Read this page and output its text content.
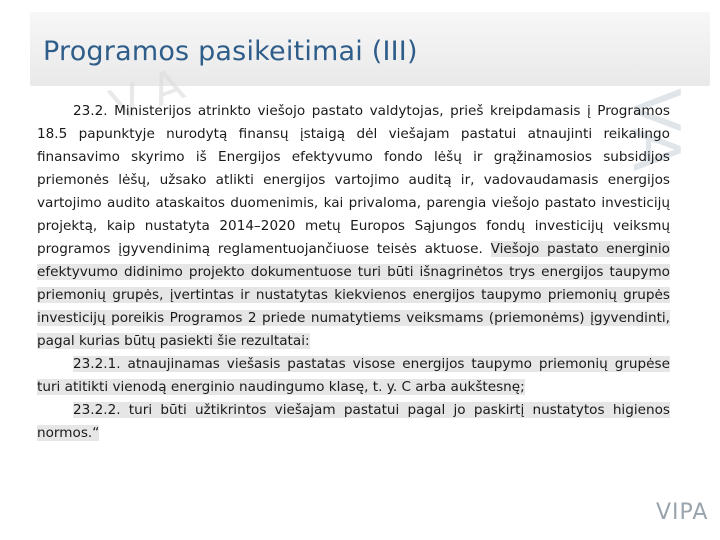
V A	VA
Programos pasikeitimai (III)

23.2. Ministerijos atrinkto viešojo pastato valdytojas, prieš kreipdamasis į Programos 18.5 papunktyje nurodytą finansų įstaigą dėl viešajam pastatui atnaujinti reikalingo finansavimo skyrimo iš Energijos efektyvumo fondo lėšų ir grąžinamosios subsidijos priemonės lėšų, užsako atlikti energijos vartojimo auditą ir, vadovaudamasis energijos vartojimo audito ataskaitos duomenimis, kai privaloma, parengia viešojo pastato investicijų projektą, kaip nustatyta 2014–2020 metų Europos Sąjungos fondų investicijų veiksmų programos įgyvendinimą reglamentuojančiuose teisės aktuose. Viešojo pastato energinio efektyvumo didinimo projekto dokumentuose turi būti išnagrinėtos trys energijos taupymo priemonių grupės, įvertintas ir nustatytas kiekvienos energijos taupymo priemonių grupės investicijų poreikis Programos 2 priede numatytiems veiksmams (priemonėms) įgyvendinti, pagal kurias būtų pasiekti šie rezultatai:

23.2.1. atnaujinamas viešasis pastatas visose energijos taupymo priemonių grupėse turi atitikti vienodą energinio naudingumo klasę, t. y. C arba aukštesnę;

23.2.2. turi būti užtikrintos viešajam pastatui pagal jo paskirtį nustatytos higienos normos.“

VIPA
